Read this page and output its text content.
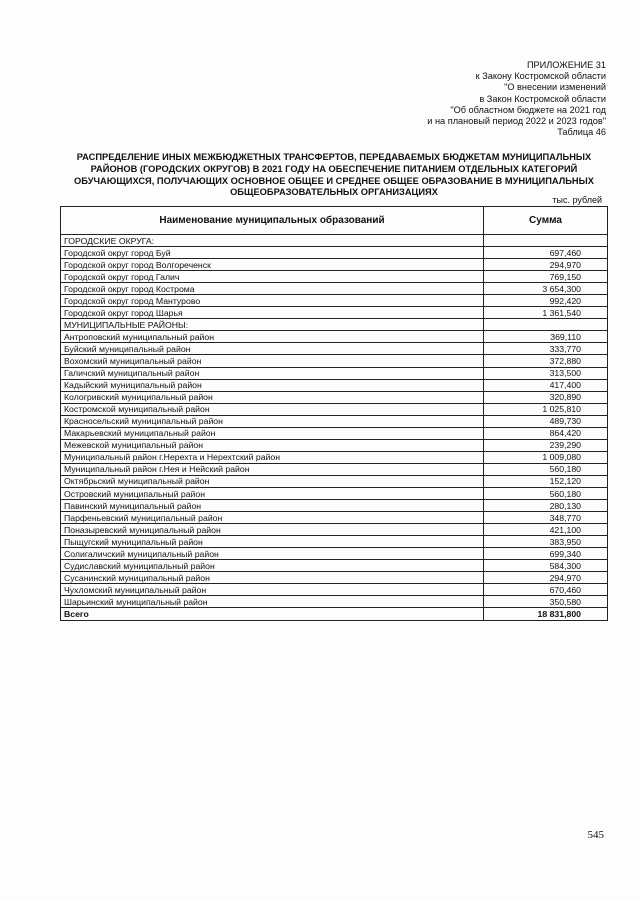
ПРИЛОЖЕНИЕ 31
к Закону Костромской области
"О внесении изменений
в Закон Костромской области
"Об областном бюджете на 2021 год
и на плановый период 2022 и 2023 годов"
Таблица 46
РАСПРЕДЕЛЕНИЕ ИНЫХ МЕЖБЮДЖЕТНЫХ ТРАНСФЕРТОВ, ПЕРЕДАВАЕМЫХ БЮДЖЕТАМ МУНИЦИПАЛЬНЫХ РАЙОНОВ (ГОРОДСКИХ ОКРУГОВ) В 2021 ГОДУ НА ОБЕСПЕЧЕНИЕ ПИТАНИЕМ ОТДЕЛЬНЫХ КАТЕГОРИЙ ОБУЧАЮЩИХСЯ, ПОЛУЧАЮЩИХ ОСНОВНОЕ ОБЩЕЕ И СРЕДНЕЕ ОБЩЕЕ ОБРАЗОВАНИЕ В МУНИЦИПАЛЬНЫХ ОБЩЕОБРАЗОВАТЕЛЬНЫХ ОРГАНИЗАЦИЯХ
тыс. рублей
Наименование муниципальных образований	Сумма
ГОРОДСКИЕ ОКРУГА:	
Городской округ город Буй	697,460
Городской округ город Волгореченск	294,970
Городской округ город Галич	769,150
Городской округ город Кострома	3 654,300
Городской округ город Мантурово	992,420
Городской округ город Шарья	1 361,540
МУНИЦИПАЛЬНЫЕ РАЙОНЫ:	
Антроповский муниципальный район	369,110
Буйский муниципальный район	333,770
Вохомский муниципальный район	372,880
Галичский муниципальный район	313,500
Кадыйский муниципальный район	417,400
Кологривский муниципальный район	320,890
Костромской муниципальный район	1 025,810
Красносельский муниципальный район	489,730
Макарьевский муниципальный район	864,420
Межевской муниципальный район	239,290
Муниципальный район г.Нерехта и Нерехтский район	1 009,080
Муниципальный район г.Нея и Нейский район	560,180
Октябрьский муниципальный район	152,120
Островский муниципальный район	560,180
Павинский муниципальный район	280,130
Парфеньевский муниципальный район	348,770
Поназыревский муниципальный район	421,100
Пыщугский муниципальный район	383,950
Солигаличский муниципальный район	699,340
Судиславский муниципальный район	584,300
Сусанинский муниципальный район	294,970
Чухломский муниципальный район	670,460
Шарьинский муниципальный район	350,580
Всего	18 831,800
545
